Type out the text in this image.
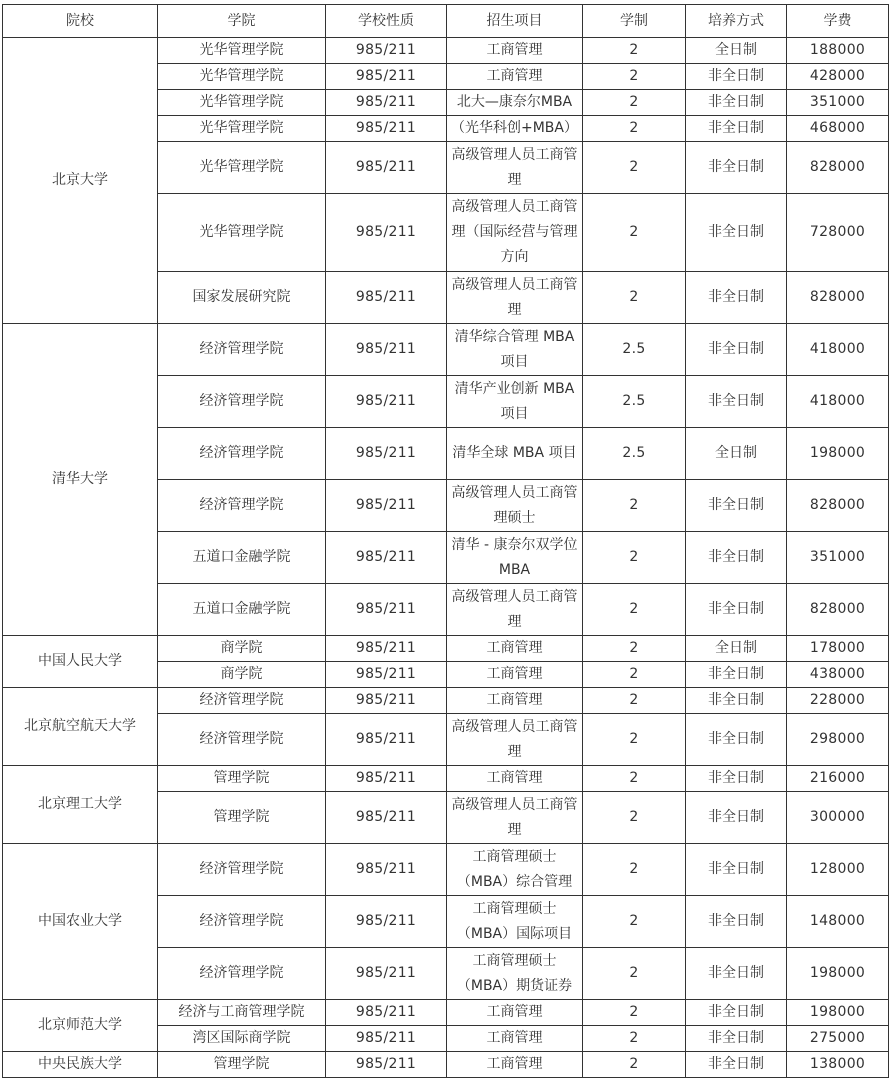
院校	学院	学校性质	招生项目	学制	培养方式	学费
北京大学	光华管理学院	985/211	工商管理	2	全日制	188000
	光华管理学院	985/211	工商管理	2	非全日制	428000
	光华管理学院	985/211	北大—康奈尔MBA	2	非全日制	351000
	光华管理学院	985/211	（光华科创+MBA）	2	非全日制	468000
	光华管理学院	985/211	高级管理人员工商管理	2	非全日制	828000
	光华管理学院	985/211	高级管理人员工商管理（国际经营与管理方向	2	非全日制	728000
	国家发展研究院	985/211	高级管理人员工商管理	2	非全日制	828000
清华大学	经济管理学院	985/211	清华综合管理 MBA 项目	2.5	非全日制	418000
	经济管理学院	985/211	清华产业创新 MBA 项目	2.5	非全日制	418000
	经济管理学院	985/211	清华全球 MBA 项目	2.5	全日制	198000
	经济管理学院	985/211	高级管理人员工商管理硕士	2	非全日制	828000
	五道口金融学院	985/211	清华 - 康奈尔双学位 MBA	2	非全日制	351000
	五道口金融学院	985/211	高级管理人员工商管理	2	非全日制	828000
中国人民大学	商学院	985/211	工商管理	2	全日制	178000
	商学院	985/211	工商管理	2	非全日制	438000
北京航空航天大学	经济管理学院	985/211	工商管理	2	非全日制	228000
	经济管理学院	985/211	高级管理人员工商管理	2	非全日制	298000
北京理工大学	管理学院	985/211	工商管理	2	非全日制	216000
	管理学院	985/211	高级管理人员工商管理	2	非全日制	300000
中国农业大学	经济管理学院	985/211	工商管理硕士（MBA）综合管理	2	非全日制	128000
	经济管理学院	985/211	工商管理硕士（MBA）国际项目	2	非全日制	148000
	经济管理学院	985/211	工商管理硕士（MBA）期货证券	2	非全日制	198000
北京师范大学	经济与工商管理学院	985/211	工商管理	2	非全日制	198000
	湾区国际商学院	985/211	工商管理	2	非全日制	275000
中央民族大学	管理学院	985/211	工商管理	2	非全日制	138000
